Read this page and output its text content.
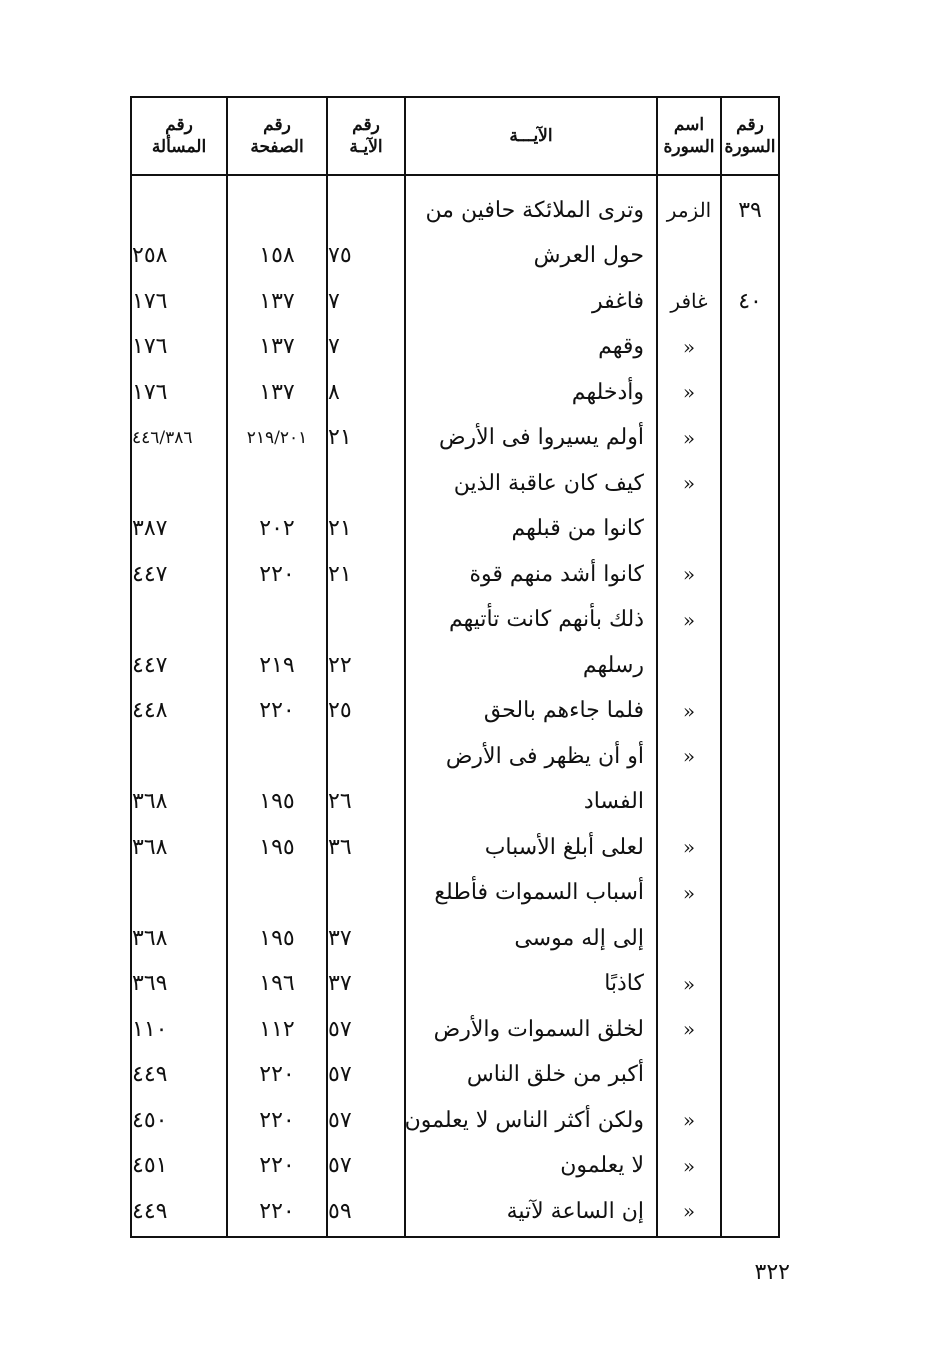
رقم
السورة
اسم
السورة
الآيـــة
رقم
الآيـة
رقم
الصفحة
رقم
المسألة
٣٩
الزمر
وترى الملائكة حافين من
حول العرش
٧٥
١٥٨
٢٥٨
٤٠
غافر
فاغفر
٧
١٣٧
١٧٦
«
وقهم
٧
١٣٧
١٧٦
«
وأدخلهم
٨
١٣٧
١٧٦
«
أولم يسيروا فى الأرض
٢١
٢١٩/٢٠١
٤٤٦/٣٨٦
«
كيف كان عاقبة الذين
كانوا من قبلهم
٢١
٢٠٢
٣٨٧
«
كانوا أشد منهم قوة
٢١
٢٢٠
٤٤٧
«
ذلك بأنهم كانت تأتيهم
رسلهم
٢٢
٢١٩
٤٤٧
«
فلما جاءهم بالحق
٢٥
٢٢٠
٤٤٨
«
أو أن يظهر فى الأرض
الفساد
٢٦
١٩٥
٣٦٨
«
لعلى أبلغ الأسباب
٣٦
١٩٥
٣٦٨
«
أسباب السموات فأطلع
إلى إله موسى
٣٧
١٩٥
٣٦٨
«
كاذبًا
٣٧
١٩٦
٣٦٩
«
لخلق السموات والأرض
٥٧
١١٢
١١٠
أكبر من خلق الناس
٥٧
٢٢٠
٤٤٩
«
ولكن أكثر الناس لا يعلمون
٥٧
٢٢٠
٤٥٠
«
لا يعلمون
٥٧
٢٢٠
٤٥١
«
إن الساعة لآتية
٥٩
٢٢٠
٤٤٩
٣٢٢
